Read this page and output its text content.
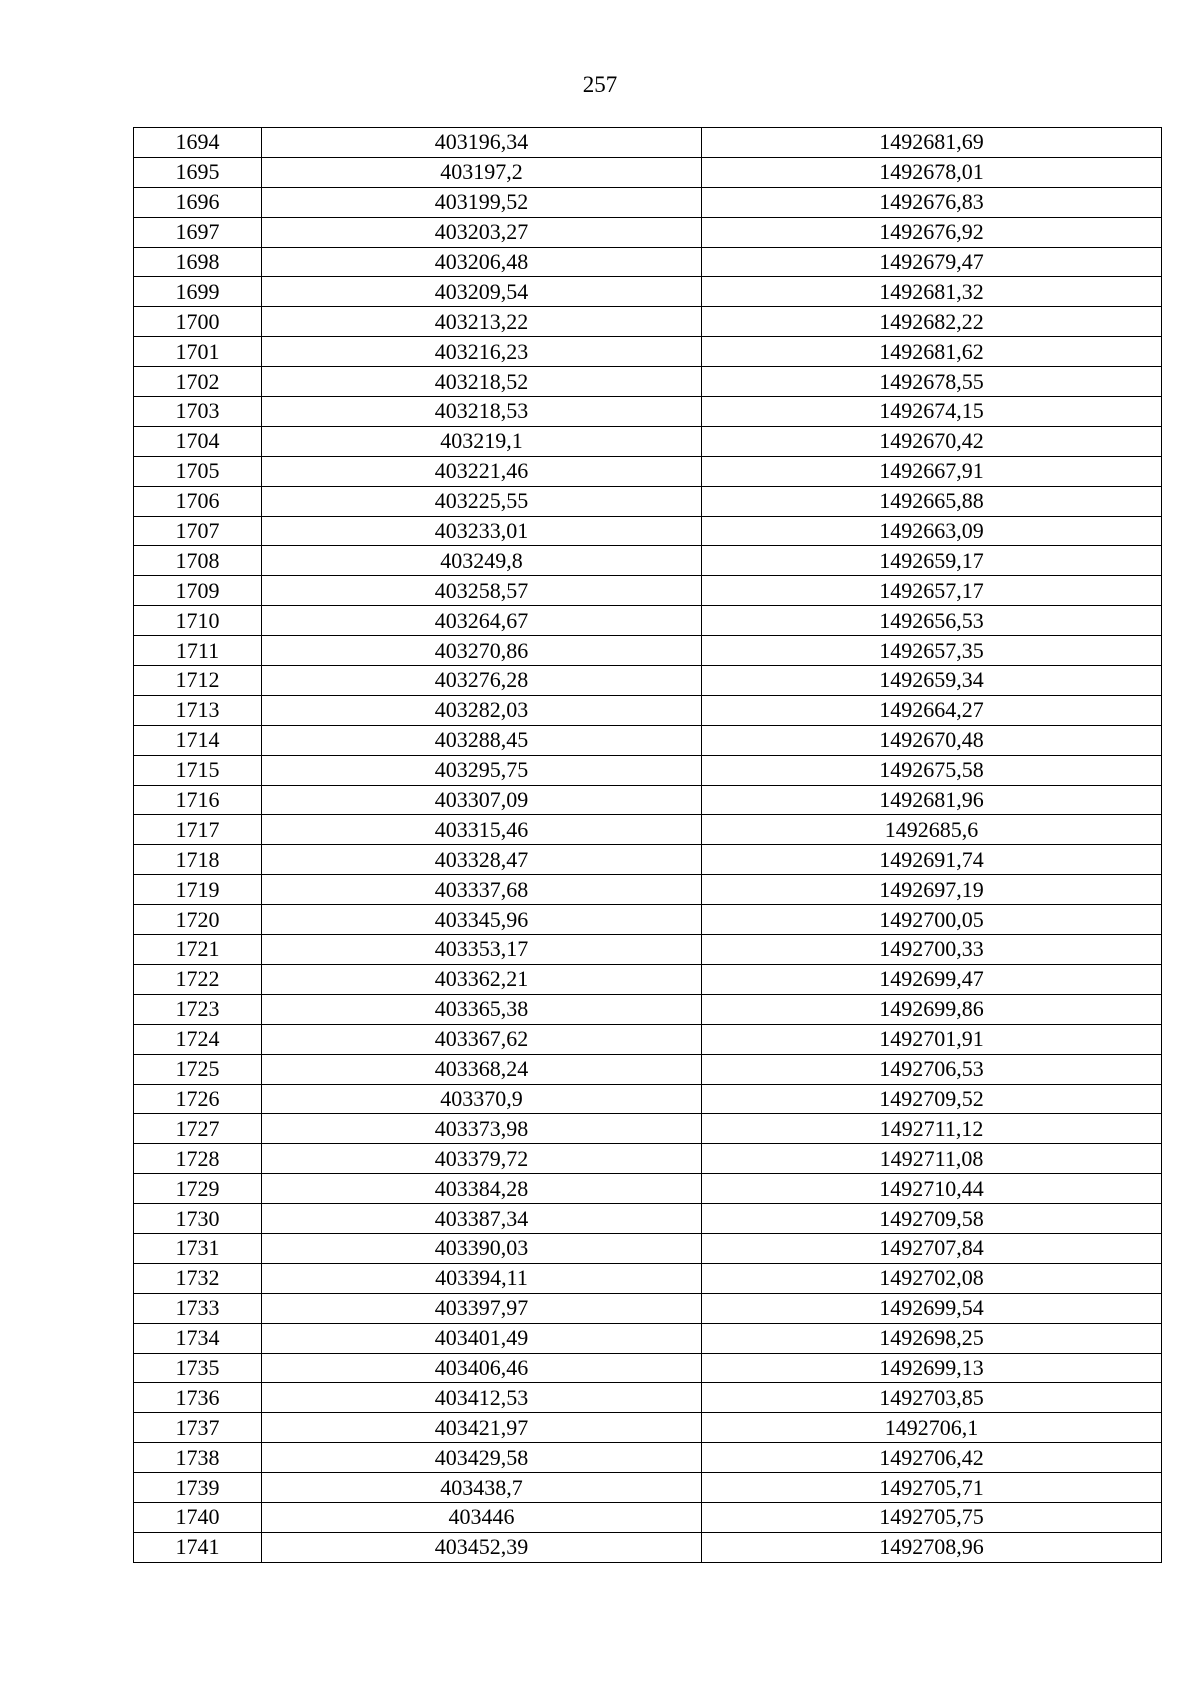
257
1694	403196,34	1492681,69
1695	403197,2	1492678,01
1696	403199,52	1492676,83
1697	403203,27	1492676,92
1698	403206,48	1492679,47
1699	403209,54	1492681,32
1700	403213,22	1492682,22
1701	403216,23	1492681,62
1702	403218,52	1492678,55
1703	403218,53	1492674,15
1704	403219,1	1492670,42
1705	403221,46	1492667,91
1706	403225,55	1492665,88
1707	403233,01	1492663,09
1708	403249,8	1492659,17
1709	403258,57	1492657,17
1710	403264,67	1492656,53
1711	403270,86	1492657,35
1712	403276,28	1492659,34
1713	403282,03	1492664,27
1714	403288,45	1492670,48
1715	403295,75	1492675,58
1716	403307,09	1492681,96
1717	403315,46	1492685,6
1718	403328,47	1492691,74
1719	403337,68	1492697,19
1720	403345,96	1492700,05
1721	403353,17	1492700,33
1722	403362,21	1492699,47
1723	403365,38	1492699,86
1724	403367,62	1492701,91
1725	403368,24	1492706,53
1726	403370,9	1492709,52
1727	403373,98	1492711,12
1728	403379,72	1492711,08
1729	403384,28	1492710,44
1730	403387,34	1492709,58
1731	403390,03	1492707,84
1732	403394,11	1492702,08
1733	403397,97	1492699,54
1734	403401,49	1492698,25
1735	403406,46	1492699,13
1736	403412,53	1492703,85
1737	403421,97	1492706,1
1738	403429,58	1492706,42
1739	403438,7	1492705,71
1740	403446	1492705,75
1741	403452,39	1492708,96
